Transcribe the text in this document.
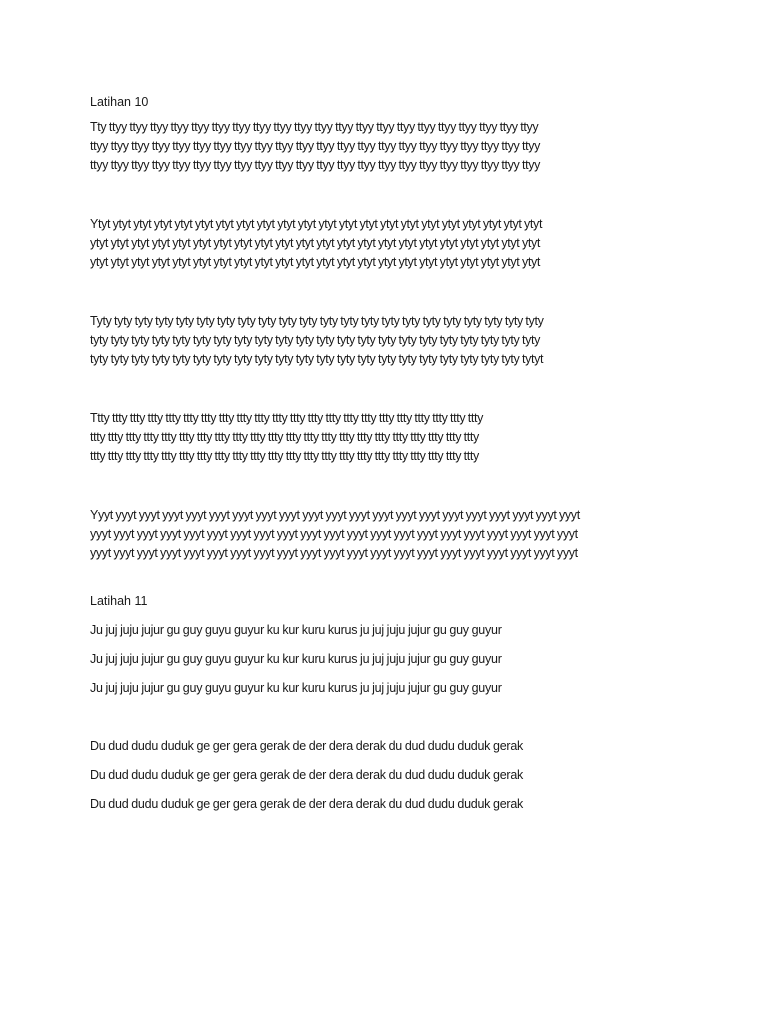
Latihan 10
Tty ttyy ttyy ttyy ttyy ttyy ttyy ttyy ttyy ttyy ttyy ttyy ttyy ttyy ttyy ttyy ttyy ttyy ttyy ttyy ttyy ttyy
ttyy ttyy ttyy ttyy ttyy ttyy ttyy ttyy ttyy ttyy ttyy ttyy ttyy ttyy ttyy ttyy ttyy ttyy ttyy ttyy ttyy ttyy
ttyy ttyy ttyy ttyy ttyy ttyy ttyy ttyy ttyy ttyy ttyy ttyy ttyy ttyy ttyy ttyy ttyy ttyy ttyy ttyy ttyy ttyy
Ytyt ytyt ytyt ytyt ytyt ytyt ytyt ytyt ytyt ytyt ytyt ytyt ytyt ytyt ytyt ytyt ytyt ytyt ytyt ytyt ytyt ytyt
ytyt ytyt ytyt ytyt ytyt ytyt ytyt ytyt ytyt ytyt ytyt ytyt ytyt ytyt ytyt ytyt ytyt ytyt ytyt ytyt ytyt ytyt
ytyt ytyt ytyt ytyt ytyt ytyt ytyt ytyt ytyt ytyt ytyt ytyt ytyt ytyt ytyt ytyt ytyt ytyt ytyt ytyt ytyt ytyt
Tyty tyty tyty tyty tyty tyty tyty tyty tyty tyty tyty tyty tyty tyty tyty tyty tyty tyty tyty tyty tyty tyty
tyty tyty tyty tyty tyty tyty tyty tyty tyty tyty tyty tyty tyty tyty tyty tyty tyty tyty tyty tyty tyty tyty
tyty tyty tyty tyty tyty tyty tyty tyty tyty tyty tyty tyty tyty tyty tyty tyty tyty tyty tyty tyty tyty tytyt
Ttty ttty ttty ttty ttty ttty ttty ttty ttty ttty ttty ttty ttty ttty ttty ttty ttty ttty ttty ttty ttty ttty
ttty ttty ttty ttty ttty ttty ttty ttty ttty ttty ttty ttty ttty ttty ttty ttty ttty ttty ttty ttty ttty ttty
ttty ttty ttty ttty ttty ttty ttty ttty ttty ttty ttty ttty ttty ttty ttty ttty ttty ttty ttty ttty ttty ttty
Yyyt yyyt yyyt yyyt yyyt yyyt yyyt yyyt yyyt yyyt yyyt yyyt yyyt yyyt yyyt yyyt yyyt yyyt yyyt yyyt yyyt
yyyt yyyt yyyt yyyt yyyt yyyt yyyt yyyt yyyt yyyt yyyt yyyt yyyt yyyt yyyt yyyt yyyt yyyt yyyt yyyt yyyt
yyyt yyyt yyyt yyyt yyyt yyyt yyyt yyyt yyyt yyyt yyyt yyyt yyyt yyyt yyyt yyyt yyyt yyyt yyyt yyyt yyyt
Latihah 11
Ju juj juju jujur gu guy guyu guyur ku kur kuru kurus ju juj juju jujur gu guy guyur
Ju juj juju jujur gu guy guyu guyur ku kur kuru kurus ju juj juju jujur gu guy guyur
Ju juj juju jujur gu guy guyu guyur ku kur kuru kurus ju juj juju jujur gu guy guyur
Du dud dudu duduk ge ger gera gerak de der dera derak du dud dudu duduk gerak
Du dud dudu duduk ge ger gera gerak de der dera derak du dud dudu duduk gerak
Du dud dudu duduk ge ger gera gerak de der dera derak du dud dudu duduk gerak
